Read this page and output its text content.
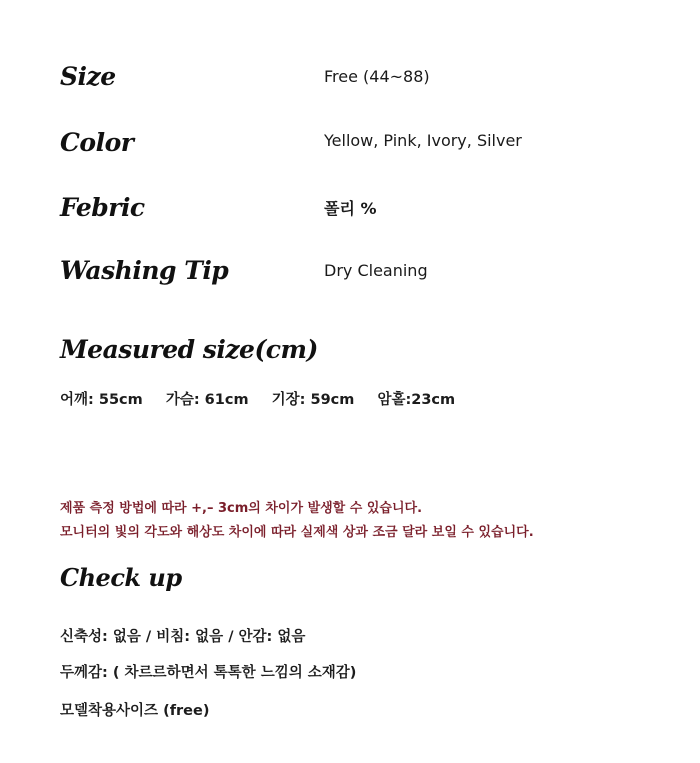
Size	Free (44~88)
Color	Yellow, Pink, Ivory, Silver
Febric	폴리 %
Washing Tip	Dry Cleaning
Measured size(cm)
어깨: 55cm 가슴: 61cm 기장: 59cm 암홀:23cm
제품 측정 방법에 따라 +,– 3cm의 차이가 발생할 수 있습니다.
모니터의 빛의 각도와 해상도 차이에 따라 실제색 상과 조금 달라 보일 수 있습니다.
Check up
신축성: 없음 / 비침: 없음 / 안감: 없음
두께감: ( 차르르하면서 톡톡한 느낌의 소재감)
모델착용사이즈 (free)
